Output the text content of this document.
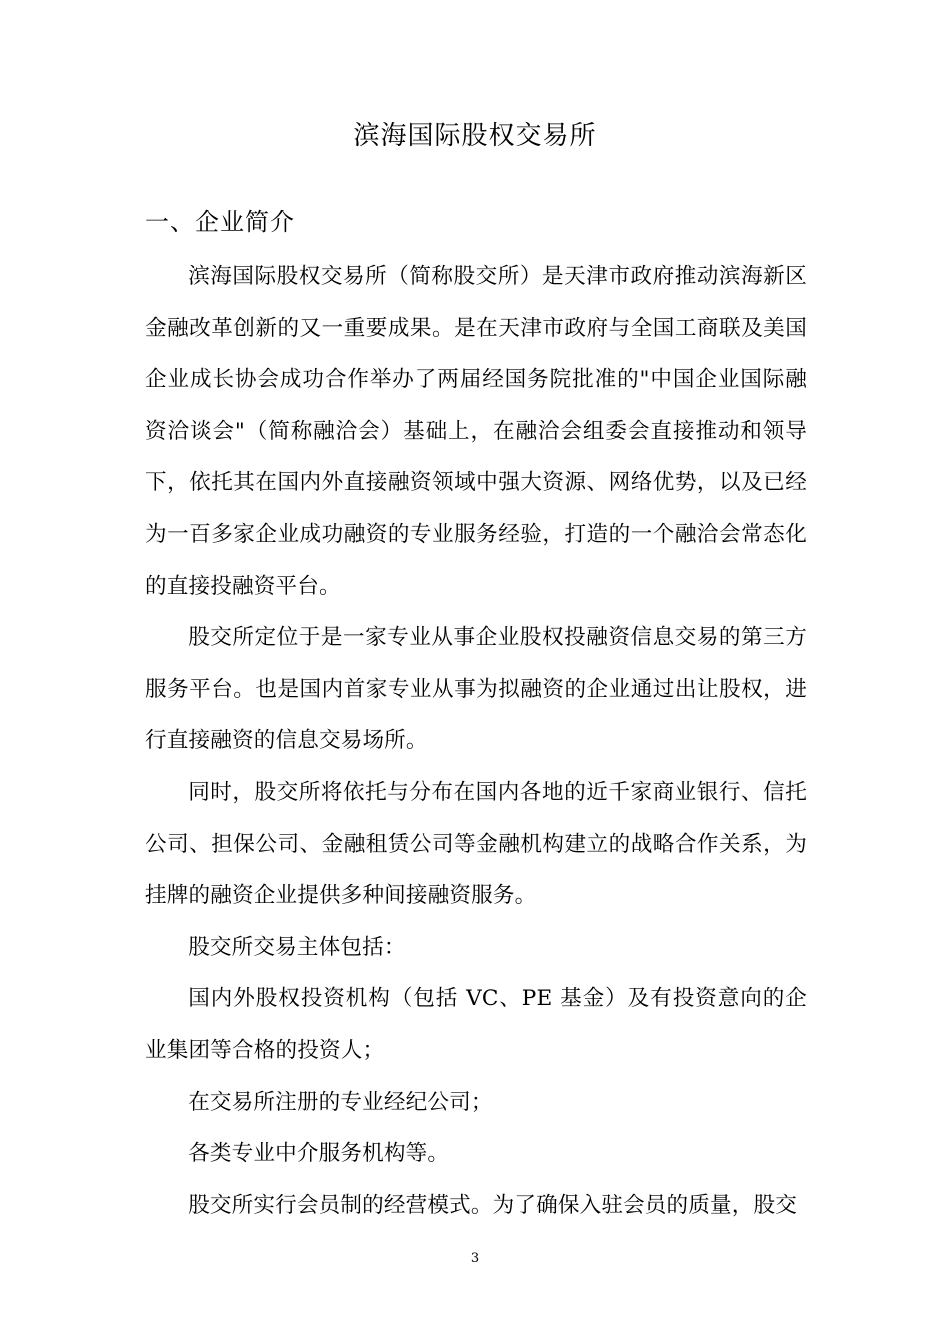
滨海国际股权交易所
一、企业简介

滨海国际股权交易所（简称股交所）是天津市政府推动滨海新区金融改革创新的又一重要成果。是在天津市政府与全国工商联及美国企业成长协会成功合作举办了两届经国务院批准的"中国企业国际融资洽谈会"（简称融洽会）基础上，在融洽会组委会直接推动和领导下，依托其在国内外直接融资领域中强大资源、网络优势，以及已经为一百多家企业成功融资的专业服务经验，打造的一个融洽会常态化的直接投融资平台。

股交所定位于是一家专业从事企业股权投融资信息交易的第三方服务平台。也是国内首家专业从事为拟融资的企业通过出让股权，进行直接融资的信息交易场所。

同时，股交所将依托与分布在国内各地的近千家商业银行、信托公司、担保公司、金融租赁公司等金融机构建立的战略合作关系，为挂牌的融资企业提供多种间接融资服务。

股交所交易主体包括：

国内外股权投资机构（包括 VC、PE 基金）及有投资意向的企业集团等合格的投资人；

在交易所注册的专业经纪公司；

各类专业中介服务机构等。

股交所实行会员制的经营模式。为了确保入驻会员的质量，股交

3
